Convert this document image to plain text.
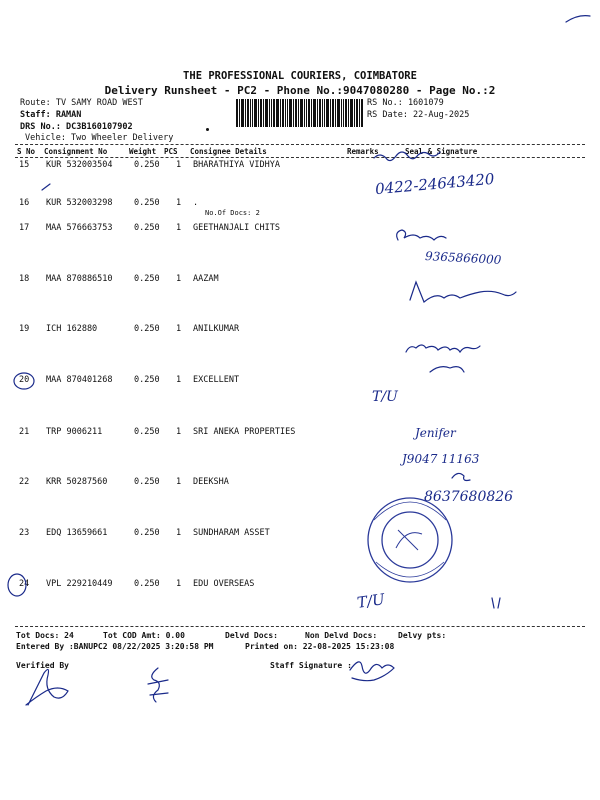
THE PROFESSIONAL COURIERS, COIMBATORE
Delivery Runsheet - PC2 - Phone No.:9047080280 - Page No.:2
Route: TV SAMY ROAD WEST
Staff: RAMAN
DRS No.: DC3B160107902
Vehicle: Two Wheeler Delivery
RS No.: 1601079
RS Date: 22-Aug-2025
S No Consignment No	Weight PCS Consignee Details	Remarks	Seal & Signature
15 KUR 532003504	0.250 1 BHARATHIYA VIDHYA
16 KUR 532003298	0.250 1 .
No.Of Docs: 2
17 MAA 576663753	0.250 1 GEETHANJALI CHITS
18 MAA 870886510	0.250 1 AAZAM
19 ICH 162880	0.250 1 ANILKUMAR
20 MAA 870401268	0.250 1 EXCELLENT
21 TRP 9006211	0.250 1 SRI ANEKA PROPERTIES
22 KRR 50287560	0.250 1 DEEKSHA
23 EDQ 13659661	0.250 1 SUNDHARAM ASSET
24 VPL 229210449	0.250 1 EDU OVERSEAS
Tot Docs: 24	Tot COD Amt: 0.00	Delvd Docs:	Non Delvd Docs:	Delvy pts:
Entered By :BANUPC2 08/22/2025 3:20:58 PM	Printed on: 22-08-2025 15:23:08
Verified By	Staff Signature :
0422-24643420
9365866000
T/U
Jenifer
J9047 11163
8637680826
T/U
